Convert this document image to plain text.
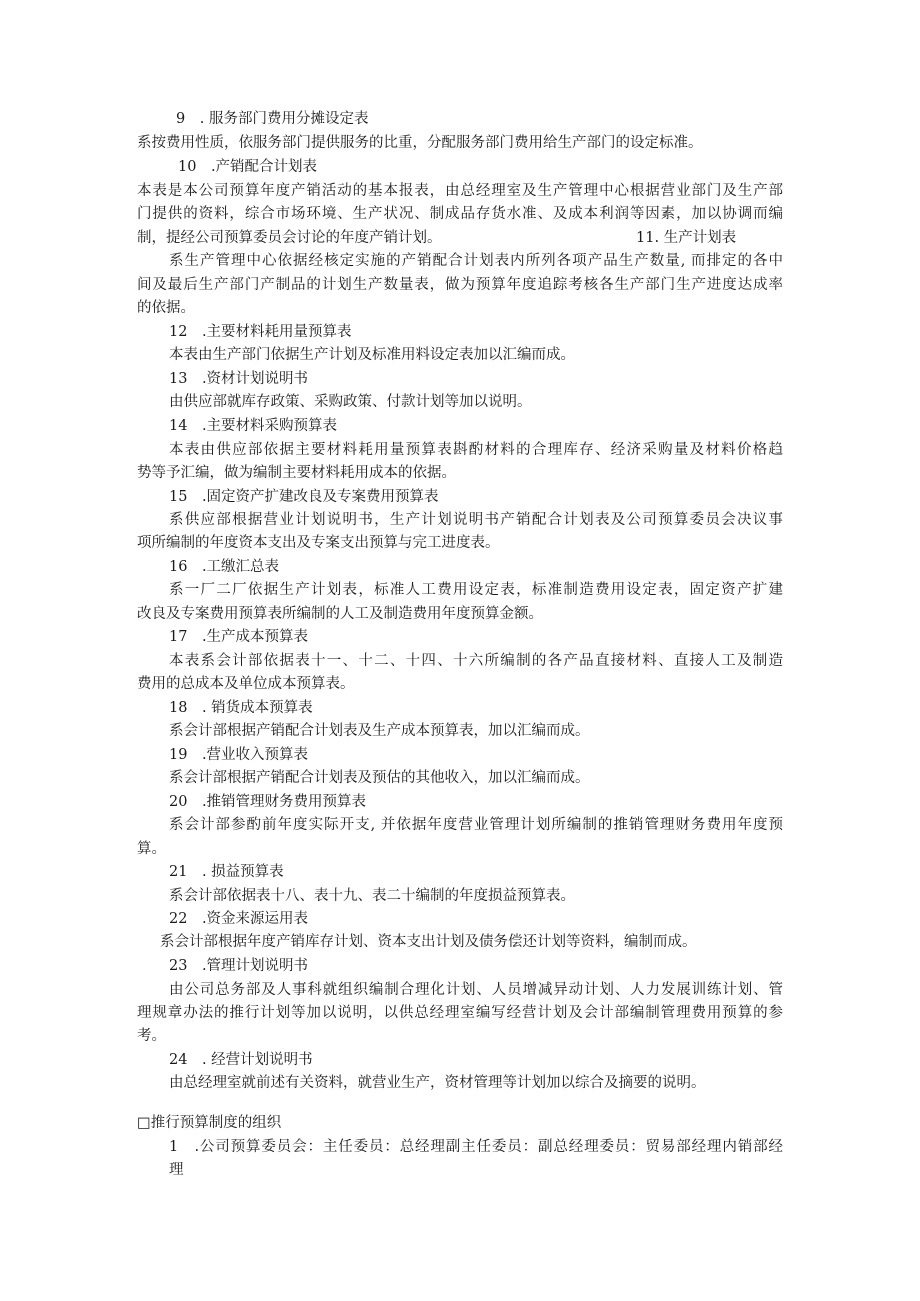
9　. 服务部门费用分摊设定表
系按费用性质，依服务部门提供服务的比重，分配服务部门费用给生产部门的设定标准。
10　.产销配合计划表
本表是本公司预算年度产销活动的基本报表，由总经理室及生产管理中心根据营业部门及生产部
门提供的资料，综合市场环境、生产状况、制成品存货水准、及成本利润等因素，加以协调而编
制，提经公司预算委员会讨论的年度产销计划。	11. 生产计划表
系生产管理中心依据经核定实施的产销配合计划表内所列各项产品生产数量, 而排定的各中
间及最后生产部门产制品的计划生产数量表，做为预算年度追踪考核各生产部门生产进度达成率
的依据。
12　.主要材料耗用量预算表
本表由生产部门依据生产计划及标准用料设定表加以汇编而成。
13　.资材计划说明书
由供应部就库存政策、采购政策、付款计划等加以说明。
14　.主要材料采购预算表
本表由供应部依据主要材料耗用量预算表斟酌材料的合理库存、经济采购量及材料价格趋
势等予汇编，做为编制主要材料耗用成本的依据。
15　.固定资产扩建改良及专案费用预算表
系供应部根据营业计划说明书，生产计划说明书产销配合计划表及公司预算委员会决议事
项所编制的年度资本支出及专案支出预算与完工进度表。
16　.工缴汇总表
系一厂二厂依据生产计划表，标准人工费用设定表，标准制造费用设定表，固定资产扩建
改良及专案费用预算表所编制的人工及制造费用年度预算金额。
17　.生产成本预算表
本表系会计部依据表十一、十二、十四、十六所编制的各产品直接材料、直接人工及制造
费用的总成本及单位成本预算表。
18　. 销货成本预算表
系会计部根据产销配合计划表及生产成本预算表，加以汇编而成。
19　.营业收入预算表
系会计部根据产销配合计划表及预估的其他收入，加以汇编而成。
20　.推销管理财务费用预算表
系会计部参酌前年度实际开支, 并依据年度营业管理计划所编制的推销管理财务费用年度预
算。
21　. 损益预算表
系会计部依据表十八、表十九、表二十编制的年度损益预算表。
22　.资金来源运用表
系会计部根据年度产销库存计划、资本支出计划及债务偿还计划等资料，编制而成。
23　.管理计划说明书
由公司总务部及人事科就组织编制合理化计划、人员增减异动计划、人力发展训练计划、管
理规章办法的推行计划等加以说明，以供总经理室编写经营计划及会计部编制管理费用预算的参
考。
24　. 经营计划说明书
由总经理室就前述有关资料，就营业生产，资材管理等计划加以综合及摘要的说明。
□推行预算制度的组织
1　.公司预算委员会：主任委员：总经理副主任委员：副总经理委员：贸易部经理内销部经
理
